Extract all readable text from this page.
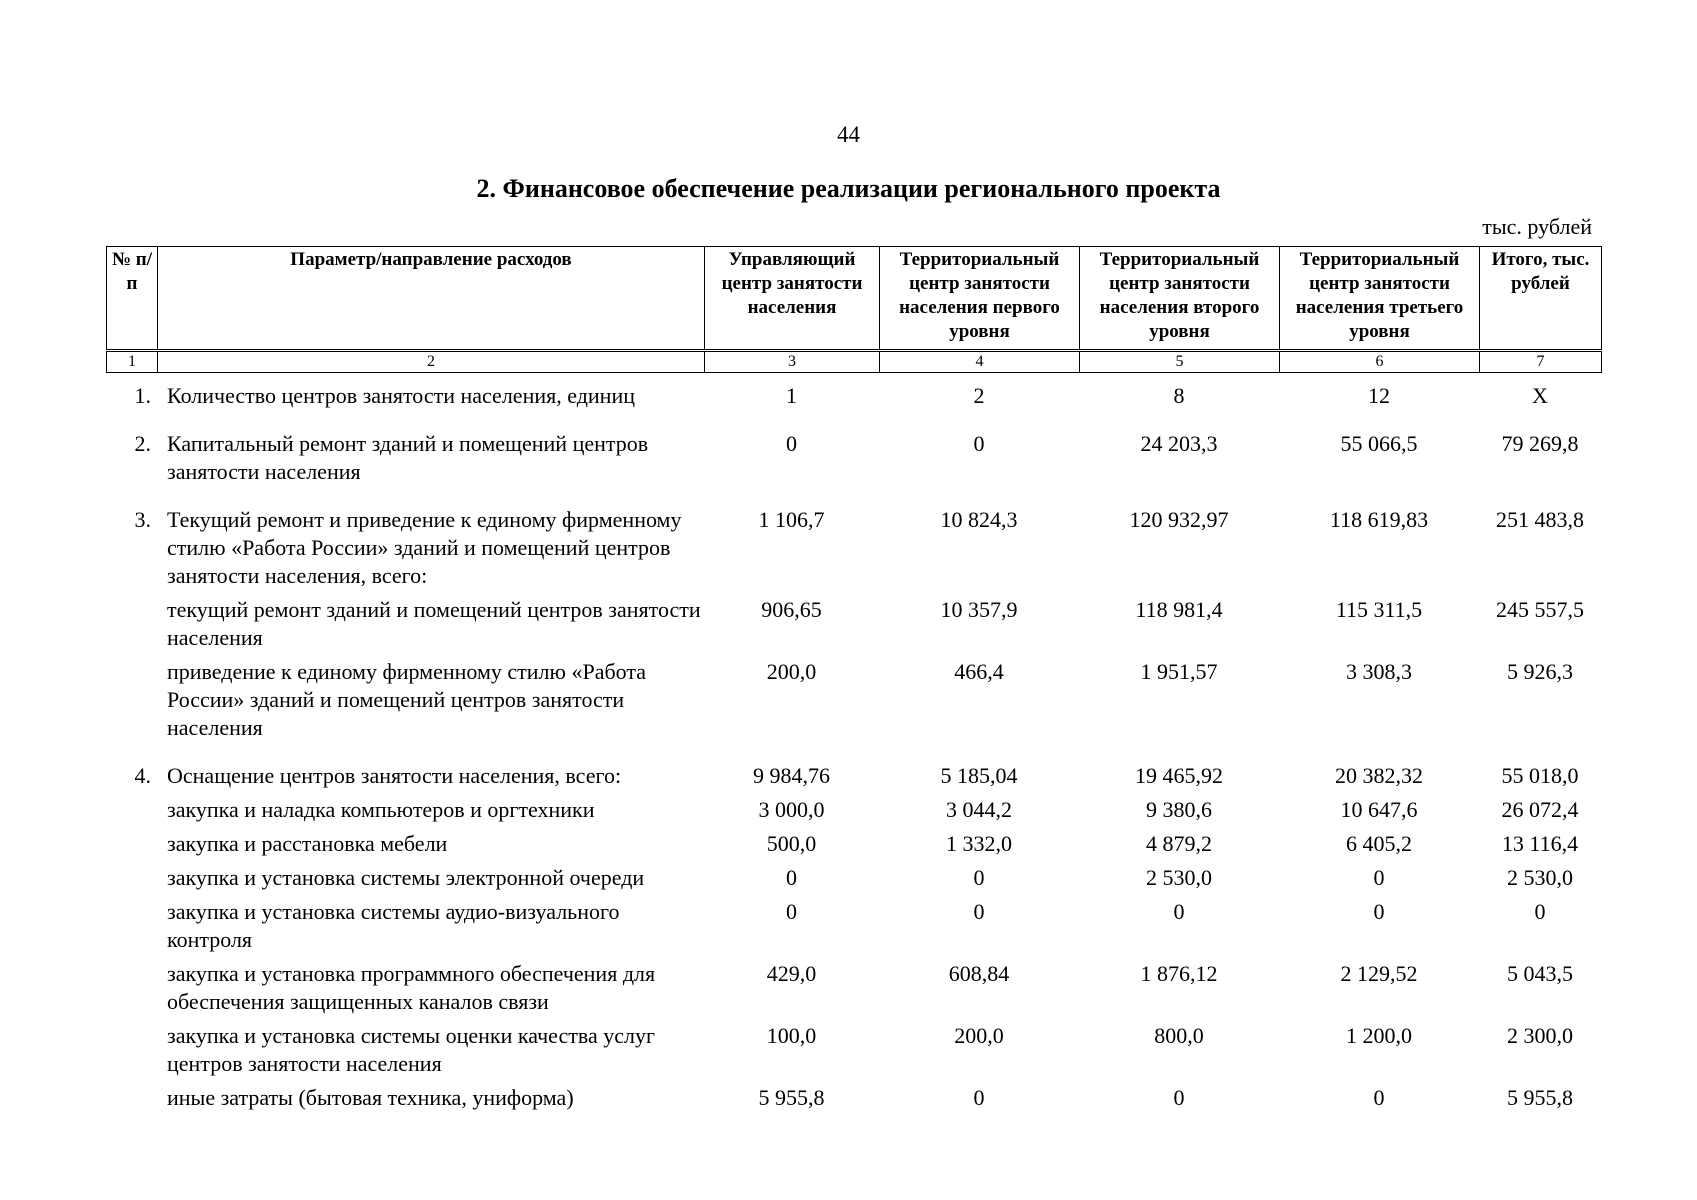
44
2. Финансовое обеспечение реализации регионального проекта
тыс. рублей
№ п/п	Параметр/направление расходов	Управляющий центр занятости населения	Территориальный центр занятости населения первого уровня	Территориальный центр занятости населения второго уровня	Территориальный центр занятости населения третьего уровня	Итого, тыс. рублей
1	2	3	4	5	6	7
1.	Количество центров занятости населения, единиц	1	2	8	12	Х
2.	Капитальный ремонт зданий и помещений центров занятости населения	0	0	24 203,3	55 066,5	79 269,8
3.	Текущий ремонт и приведение к единому фирменному стилю «Работа России» зданий и помещений центров занятости населения, всего:	1 106,7	10 824,3	120 932,97	118 619,83	251 483,8
	текущий ремонт зданий и помещений центров занятости населения	906,65	10 357,9	118 981,4	115 311,5	245 557,5
	приведение к единому фирменному стилю «Работа России» зданий и помещений центров занятости населения	200,0	466,4	1 951,57	3 308,3	5 926,3
4.	Оснащение центров занятости населения, всего:	9 984,76	5 185,04	19 465,92	20 382,32	55 018,0
	закупка и наладка компьютеров и оргтехники	3 000,0	3 044,2	9 380,6	10 647,6	26 072,4
	закупка и расстановка мебели	500,0	1 332,0	4 879,2	6 405,2	13 116,4
	закупка и установка системы электронной очереди	0	0	2 530,0	0	2 530,0
	закупка и установка системы аудио-визуального контроля	0	0	0	0	0
	закупка и установка программного обеспечения для обеспечения защищенных каналов связи	429,0	608,84	1 876,12	2 129,52	5 043,5
	закупка и установка системы оценки качества услуг центров занятости населения	100,0	200,0	800,0	1 200,0	2 300,0
	иные затраты (бытовая техника, униформа)	5 955,8	0	0	0	5 955,8
